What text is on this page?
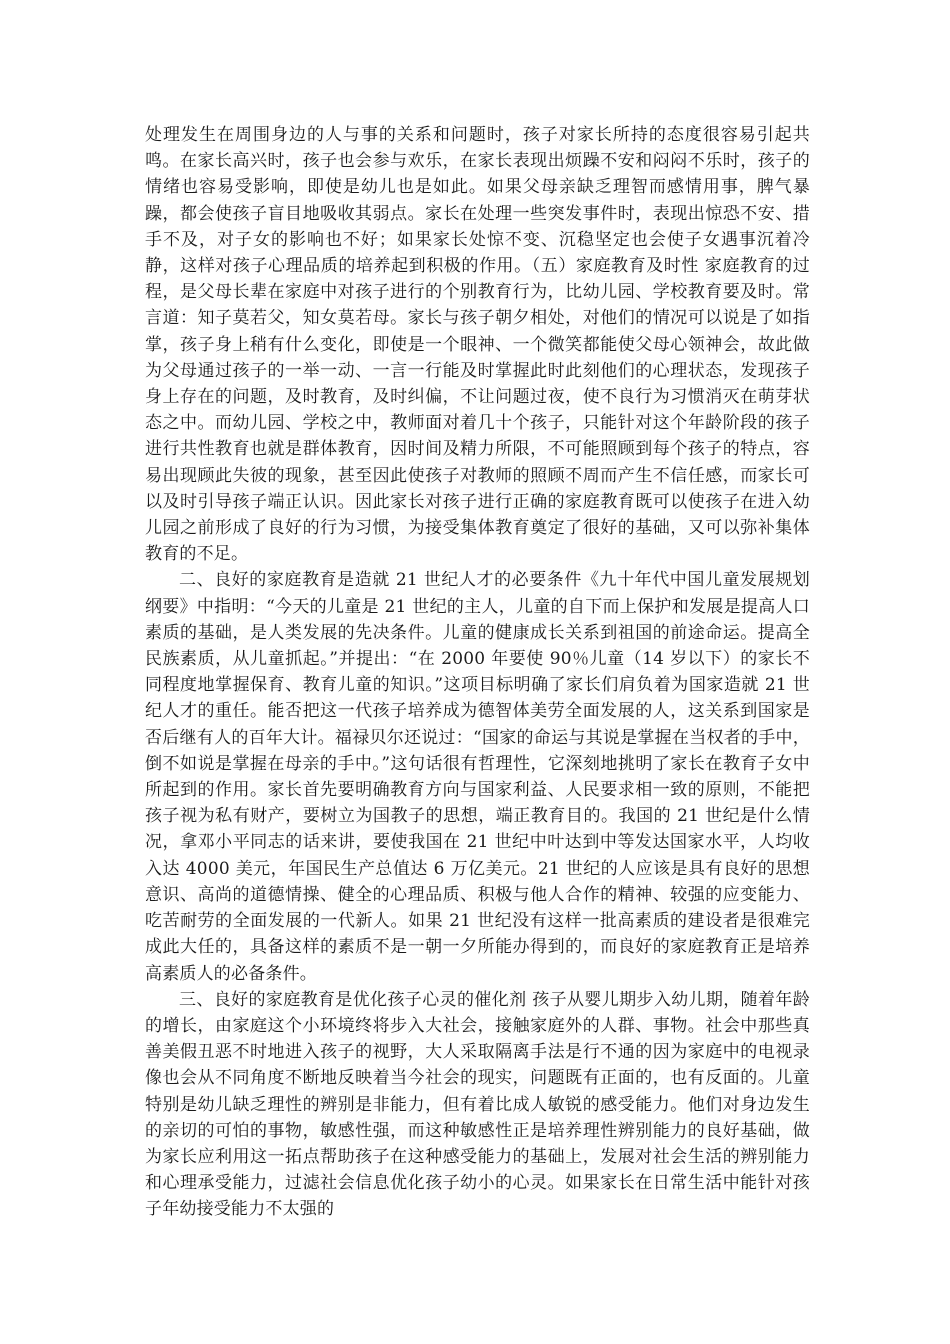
处理发生在周围身边的人与事的关系和问题时，孩子对家长所持的态度很容易引起共鸣。在家长高兴时，孩子也会参与欢乐，在家长表现出烦躁不安和闷闷不乐时，孩子的情绪也容易受影响，即使是幼儿也是如此。如果父母亲缺乏理智而感情用事，脾气暴躁，都会使孩子盲目地吸收其弱点。家长在处理一些突发事件时，表现出惊恐不安、措手不及，对子女的影响也不好；如果家长处惊不变、沉稳坚定也会使子女遇事沉着冷静，这样对孩子心理品质的培养起到积极的作用。（五）家庭教育及时性 家庭教育的过程，是父母长辈在家庭中对孩子进行的个别教育行为，比幼儿园、学校教育要及时。常言道：知子莫若父，知女莫若母。家长与孩子朝夕相处，对他们的情况可以说是了如指掌，孩子身上稍有什么变化，即使是一个眼神、一个微笑都能使父母心领神会，故此做为父母通过孩子的一举一动、一言一行能及时掌握此时此刻他们的心理状态，发现孩子身上存在的问题，及时教育，及时纠偏，不让问题过夜，使不良行为习惯消灭在萌芽状态之中。而幼儿园、学校之中，教师面对着几十个孩子，只能针对这个年龄阶段的孩子进行共性教育也就是群体教育，因时间及精力所限，不可能照顾到每个孩子的特点，容易出现顾此失彼的现象，甚至因此使孩子对教师的照顾不周而产生不信任感，而家长可以及时引导孩子端正认识。因此家长对孩子进行正确的家庭教育既可以使孩子在进入幼儿园之前形成了良好的行为习惯，为接受集体教育奠定了很好的基础，又可以弥补集体教育的不足。

二、良好的家庭教育是造就 21 世纪人才的必要条件《九十年代中国儿童发展规划纲要》中指明：“今天的儿童是 21 世纪的主人，儿童的自下而上保护和发展是提高人口素质的基础，是人类发展的先决条件。儿童的健康成长关系到祖国的前途命运。提高全民族素质，从儿童抓起。”并提出：“在 2000 年要使 90％儿童（14 岁以下）的家长不同程度地掌握保育、教育儿童的知识。”这项目标明确了家长们肩负着为国家造就 21 世纪人才的重任。能否把这一代孩子培养成为德智体美劳全面发展的人，这关系到国家是否后继有人的百年大计。福禄贝尔还说过：“国家的命运与其说是掌握在当权者的手中，倒不如说是掌握在母亲的手中。”这句话很有哲理性，它深刻地挑明了家长在教育子女中所起到的作用。家长首先要明确教育方向与国家利益、人民要求相一致的原则，不能把孩子视为私有财产，要树立为国教子的思想，端正教育目的。我国的 21 世纪是什么情况，拿邓小平同志的话来讲，要使我国在 21 世纪中叶达到中等发达国家水平，人均收入达 4000 美元，年国民生产总值达 6 万亿美元。21 世纪的人应该是具有良好的思想意识、高尚的道德情操、健全的心理品质、积极与他人合作的精神、较强的应变能力、吃苦耐劳的全面发展的一代新人。如果 21 世纪没有这样一批高素质的建设者是很难完成此大任的，具备这样的素质不是一朝一夕所能办得到的，而良好的家庭教育正是培养高素质人的必备条件。

三、良好的家庭教育是优化孩子心灵的催化剂 孩子从婴儿期步入幼儿期，随着年龄的增长，由家庭这个小环境终将步入大社会，接触家庭外的人群、事物。社会中那些真善美假丑恶不时地进入孩子的视野，大人采取隔离手法是行不通的因为家庭中的电视录像也会从不同角度不断地反映着当今社会的现实，问题既有正面的，也有反面的。儿童特别是幼儿缺乏理性的辨别是非能力，但有着比成人敏锐的感受能力。他们对身边发生的亲切的可怕的事物，敏感性强，而这种敏感性正是培养理性辨别能力的良好基础，做为家长应利用这一拓点帮助孩子在这种感受能力的基础上，发展对社会生活的辨别能力和心理承受能力，过滤社会信息优化孩子幼小的心灵。如果家长在日常生活中能针对孩子年幼接受能力不太强的
